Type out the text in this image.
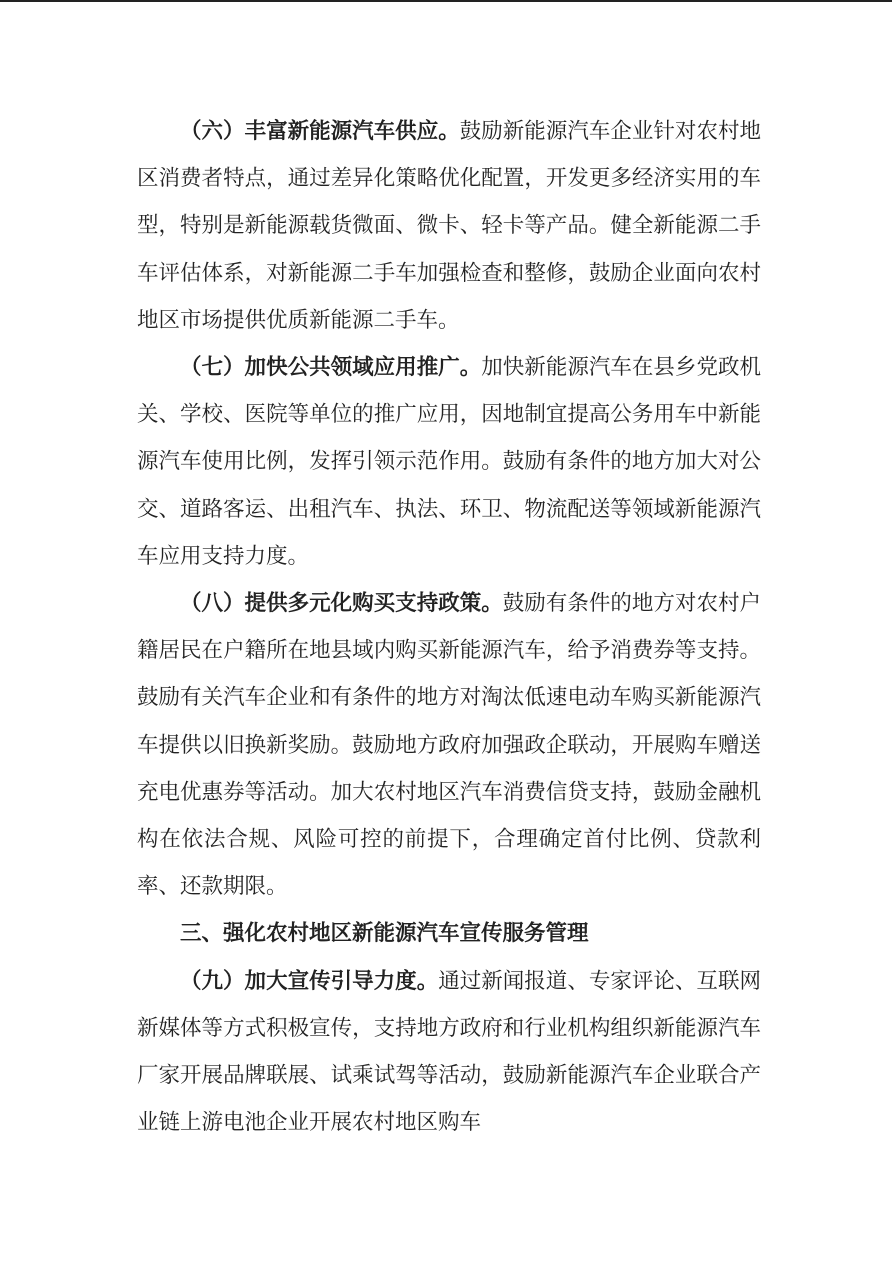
（六）丰富新能源汽车供应。鼓励新能源汽车企业针对农村地区消费者特点，通过差异化策略优化配置，开发更多经济实用的车型，特别是新能源载货微面、微卡、轻卡等产品。健全新能源二手车评估体系，对新能源二手车加强检查和整修，鼓励企业面向农村地区市场提供优质新能源二手车。

（七）加快公共领域应用推广。加快新能源汽车在县乡党政机关、学校、医院等单位的推广应用，因地制宜提高公务用车中新能源汽车使用比例，发挥引领示范作用。鼓励有条件的地方加大对公交、道路客运、出租汽车、执法、环卫、物流配送等领域新能源汽车应用支持力度。

（八）提供多元化购买支持政策。鼓励有条件的地方对农村户籍居民在户籍所在地县域内购买新能源汽车，给予消费券等支持。鼓励有关汽车企业和有条件的地方对淘汰低速电动车购买新能源汽车提供以旧换新奖励。鼓励地方政府加强政企联动，开展购车赠送充电优惠券等活动。加大农村地区汽车消费信贷支持，鼓励金融机构在依法合规、风险可控的前提下，合理确定首付比例、贷款利率、还款期限。

三、强化农村地区新能源汽车宣传服务管理

（九）加大宣传引导力度。通过新闻报道、专家评论、互联网新媒体等方式积极宣传，支持地方政府和行业机构组织新能源汽车厂家开展品牌联展、试乘试驾等活动，鼓励新能源汽车企业联合产业链上游电池企业开展农村地区购车
